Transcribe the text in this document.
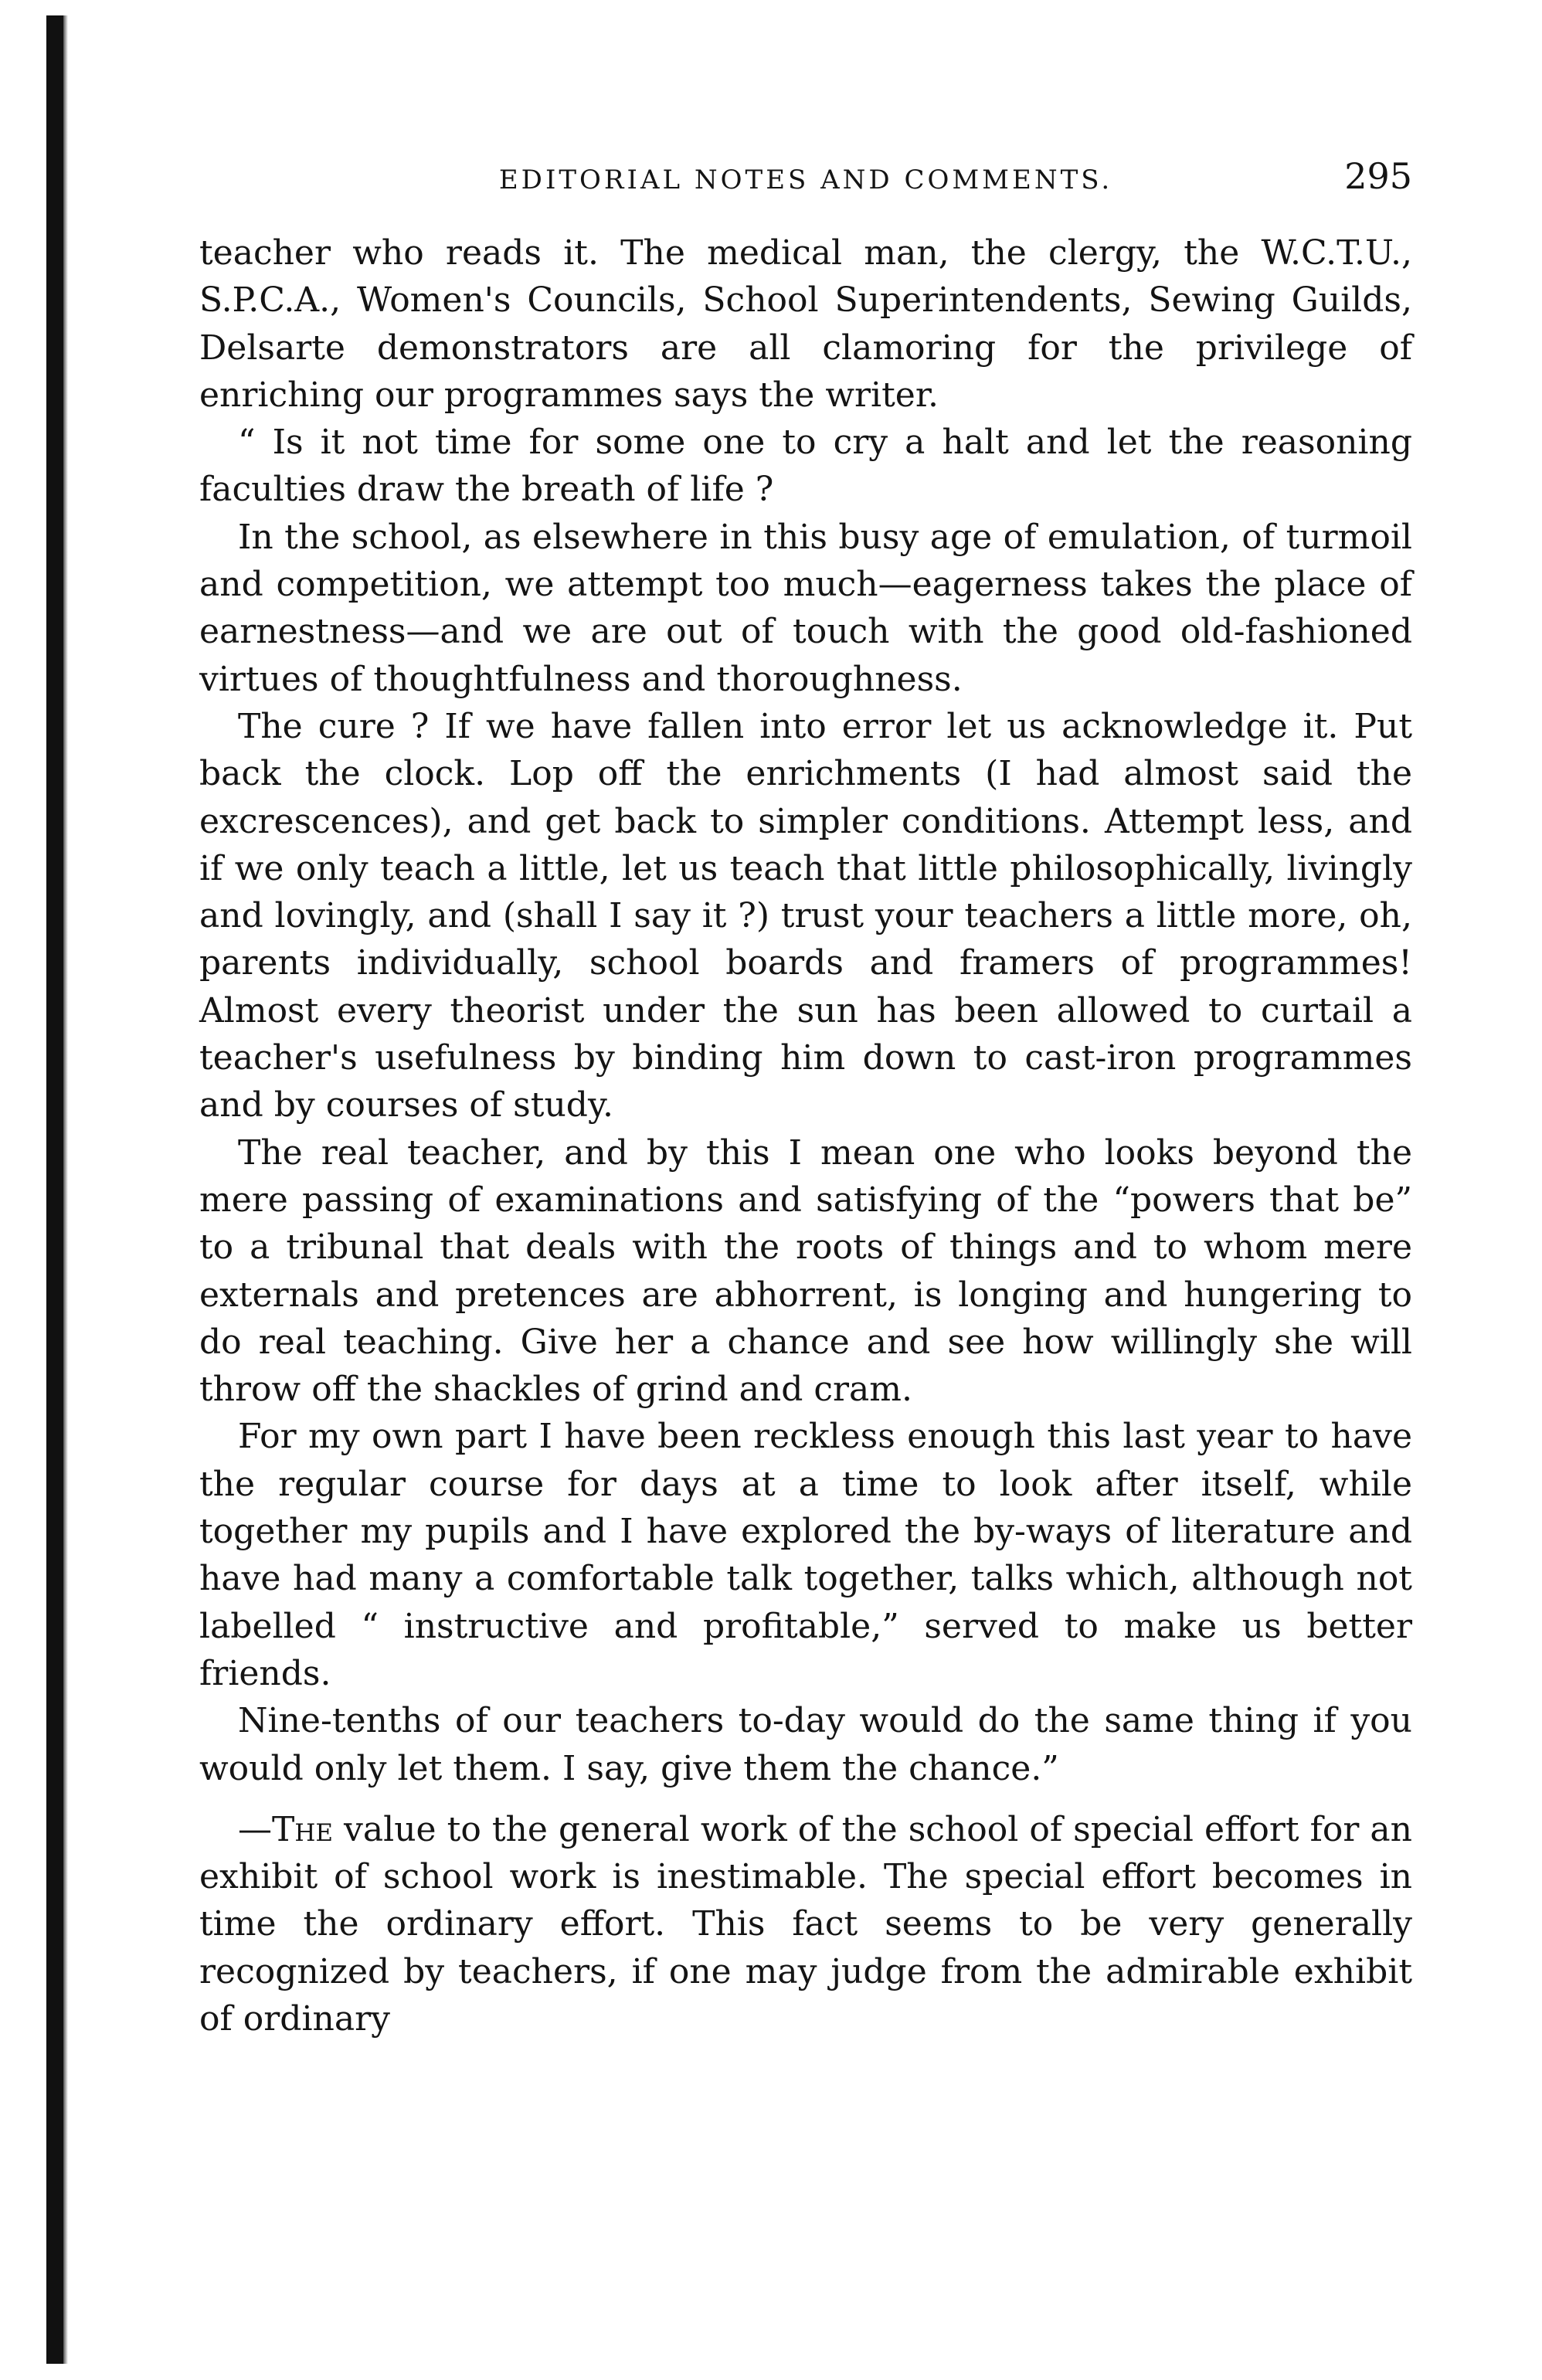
EDITORIAL NOTES AND COMMENTS.	295

teacher who reads it. The medical man, the clergy, the W.C.T.U., S.P.C.A., Women's Councils, School Superintendents, Sewing Guilds, Delsarte demonstrators are all clamoring for the privilege of enriching our programmes says the writer.

“ Is it not time for some one to cry a halt and let the reasoning faculties draw the breath of life ?

In the school, as elsewhere in this busy age of emulation, of turmoil and competition, we attempt too much—eagerness takes the place of earnestness—and we are out of touch with the good old-fashioned virtues of thoughtfulness and thoroughness.

The cure ? If we have fallen into error let us acknowledge it. Put back the clock. Lop off the enrichments (I had almost said the excrescences), and get back to simpler conditions. Attempt less, and if we only teach a little, let us teach that little philosophically, livingly and lovingly, and (shall I say it ?) trust your teachers a little more, oh, parents individually, school boards and framers of programmes! Almost every theorist under the sun has been allowed to curtail a teacher's usefulness by binding him down to cast-iron programmes and by courses of study.

The real teacher, and by this I mean one who looks beyond the mere passing of examinations and satisfying of the “powers that be” to a tribunal that deals with the roots of things and to whom mere externals and pretences are abhorrent, is longing and hungering to do real teaching. Give her a chance and see how willingly she will throw off the shackles of grind and cram.

For my own part I have been reckless enough this last year to have the regular course for days at a time to look after itself, while together my pupils and I have explored the by-ways of literature and have had many a comfortable talk together, talks which, although not labelled “ instructive and profitable,” served to make us better friends.

Nine-tenths of our teachers to-day would do the same thing if you would only let them. I say, give them the chance.”

—The value to the general work of the school of special effort for an exhibit of school work is inestimable. The special effort becomes in time the ordinary effort. This fact seems to be very generally recognized by teachers, if one may judge from the admirable exhibit of ordinary
